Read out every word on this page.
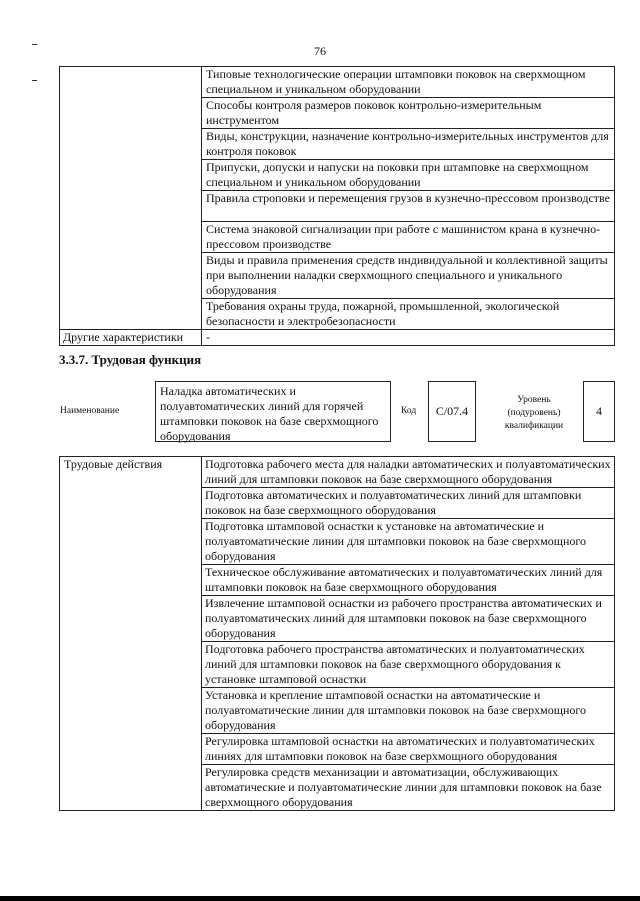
76
	Типовые технологические операции штамповки поковок на сверхмощном специальном и уникальном оборудовании
	Способы контроля размеров поковок контрольно-измерительным инструментом
	Виды, конструкции, назначение контрольно-измерительных инструментов для контроля поковок
	Припуски, допуски и напуски на поковки при штамповке на сверхмощном специальном и уникальном оборудовании
	Правила строповки и перемещения грузов в кузнечно-прессовом производстве
	Система знаковой сигнализации при работе с машинистом крана в кузнечно-прессовом производстве
	Виды и правила применения средств индивидуальной и коллективной защиты при выполнении наладки сверхмощного специального и уникального оборудования
	Требования охраны труда, пожарной, промышленной, экологической безопасности и электробезопасности
Другие характеристики	-
3.3.7. Трудовая функция
Наименование
Наладка автоматических и полуавтоматических линий для горячей штамповки поковок на базе сверхмощного оборудования
Код C/07.4
Уровень (подуровень) квалификации
4
Трудовые действия	Подготовка рабочего места для наладки автоматических и полуавтоматических линий для штамповки поковок на базе сверхмощного оборудования
Подготовка автоматических и полуавтоматических линий для штамповки поковок на базе сверхмощного оборудования
Подготовка штамповой оснастки к установке на автоматические и полуавтоматические линии для штамповки поковок на базе сверхмощного оборудования
Техническое обслуживание автоматических и полуавтоматических линий для штамповки поковок на базе сверхмощного оборудования
Извлечение штамповой оснастки из рабочего пространства автоматических и полуавтоматических линий для штамповки поковок на базе сверхмощного оборудования
Подготовка рабочего пространства автоматических и полуавтоматических линий для штамповки поковок на базе сверхмощного оборудования к установке штамповой оснастки
Установка и крепление штамповой оснастки на автоматические и полуавтоматические линии для штамповки поковок на базе сверхмощного оборудования
Регулировка штамповой оснастки на автоматических и полуавтоматических линиях для штамповки поковок на базе сверхмощного оборудования
Регулировка средств механизации и автоматизации, обслуживающих автоматические и полуавтоматические линии для штамповки поковок на базе сверхмощного оборудования
